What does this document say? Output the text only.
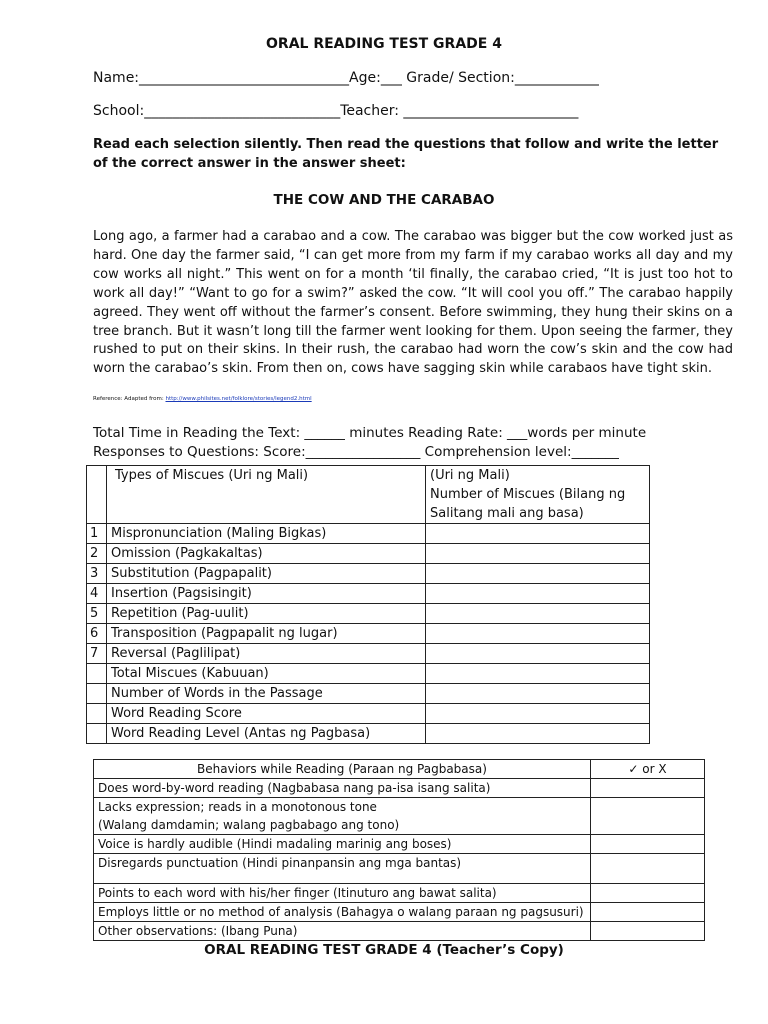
ORAL READING TEST GRADE 4
Name:______________________________Age:___ Grade/ Section:____________
School:____________________________Teacher: _________________________
Read each selection silently. Then read the questions that follow and write the letter of the correct answer in the answer sheet:
THE COW AND THE CARABAO
Long ago, a farmer had a carabao and a cow. The carabao was bigger but the cow worked just as hard. One day the farmer said, “I can get more from my farm if my carabao works all day and my cow works all night.” This went on for a month ‘til finally, the carabao cried, “It is just too hot to work all day!” “Want to go for a swim?” asked the cow. “It will cool you off.” The carabao happily agreed. They went off without the farmer’s consent. Before swimming, they hung their skins on a tree branch. But it wasn’t long till the farmer went looking for them. Upon seeing the farmer, they rushed to put on their skins. In their rush, the carabao had worn the cow’s skin and the cow had worn the carabao’s skin. From then on, cows have sagging skin while carabaos have tight skin.
Reference: Adapted from: http://www.philsites.net/folklore/stories/legend2.html
Total Time in Reading the Text: ______ minutes Reading Rate: ___words per minute
Responses to Questions: Score:_________________ Comprehension level:_______
	Types of Miscues (Uri ng Mali)	(Uri ng Mali)
Number of Miscues (Bilang ng
Salitang mali ang basa)

1	Mispronunciation (Maling Bigkas)	
2	Omission (Pagkakaltas)	
3	Substitution (Pagpapalit)	
4	Insertion (Pagsisingit)	
5	Repetition (Pag-uulit)	
6	Transposition (Pagpapalit ng lugar)	
7	Reversal (Paglilipat)	
	Total Miscues (Kabuuan)	
	Number of Words in the Passage	
	Word Reading Score	
	Word Reading Level (Antas ng Pagbasa)	
Behaviors while Reading (Paraan ng Pagbabasa)	✓ or X

Does word-by-word reading (Nagbabasa nang pa-isa isang salita)	

Lacks expression; reads in a monotonous tone
(Walang damdamin; walang pagbabago ang tono)	

Voice is hardly audible (Hindi madaling marinig ang boses)	

Disregards punctuation (Hindi pinanpansin ang mga bantas)	

Points to each word with his/her finger (Itinuturo ang bawat salita)	

Employs little or no method of analysis (Bahagya o walang paraan ng pagsusuri)	

Other observations: (Ibang Puna)	

ORAL READING TEST GRADE 4 (Teacher’s Copy)
